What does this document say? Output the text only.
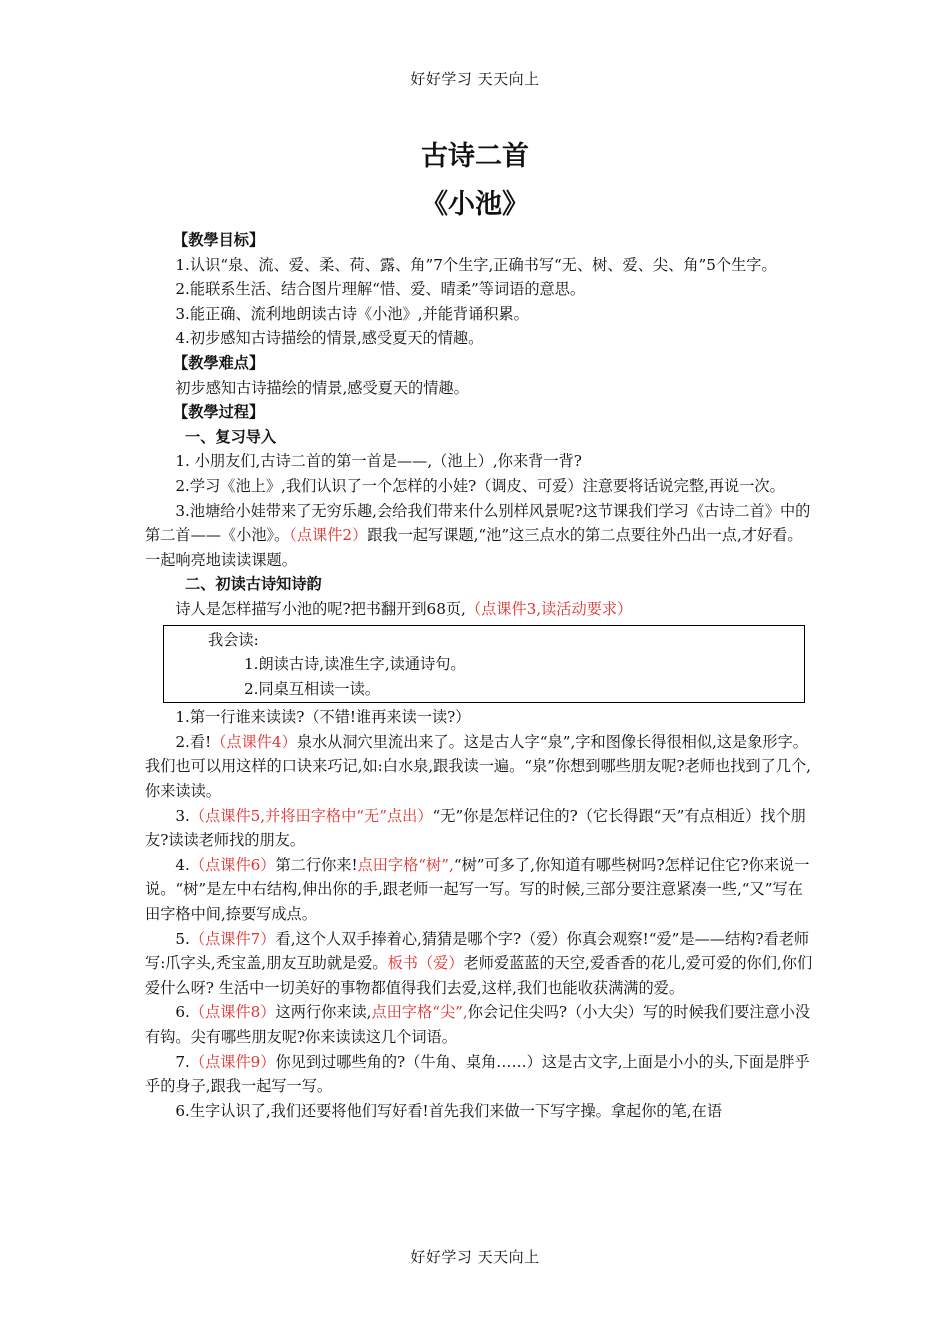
好好学习 天天向上
古诗二首
《小池》

【教學目标】

1.认识“泉、流、爱、柔、荷、露、角”7个生字,正确书写“无、树、爱、尖、角”5个生字。

2.能联系生活、结合图片理解“惜、爱、晴柔”等词语的意思。

3.能正确、流利地朗读古诗《小池》,并能背诵积累。

4.初步感知古诗描绘的情景,感受夏天的情趣。

【教學难点】

初步感知古诗描绘的情景,感受夏天的情趣。

【教學过程】

一、复习导入

1. 小朋友们,古诗二首的第一首是——,（池上）,你来背一背?

2.学习《池上》,我们认识了一个怎样的小娃?（调皮、可爱）注意要将话说完整,再说一次。

3.池塘给小娃带来了无穷乐趣,会给我们带来什么别样风景呢?这节课我们学习《古诗二首》中的第二首——《小池》。（点课件2）跟我一起写课题,“池”这三点水的第二点要往外凸出一点,才好看。一起响亮地读读课题。

二、初读古诗知诗韵

诗人是怎样描写小池的呢?把书翻开到68页,（点课件3,读活动要求）

我会读:

1.朗读古诗,读准生字,读通诗句。

2.同桌互相读一读。

1.第一行谁来读读?（不错!谁再来读一读?）

2.看!（点课件4）泉水从洞穴里流出来了。这是古人字“泉”,字和图像长得很相似,这是象形字。我们也可以用这样的口诀来巧记,如:白水泉,跟我读一遍。“泉”你想到哪些朋友呢?老师也找到了几个,你来读读。

3.（点课件5,并将田字格中“无”点出）“无”你是怎样记住的?（它长得跟“天”有点相近）找个朋友?读读老师找的朋友。

4.（点课件6）第二行你来!点田字格“树”,“树”可多了,你知道有哪些树吗?怎样记住它?你来说一说。“树”是左中右结构,伸出你的手,跟老师一起写一写。写的时候,三部分要注意紧凑一些,“又”写在田字格中间,捺要写成点。

5.（点课件7）看,这个人双手捧着心,猜猜是哪个字?（爱）你真会观察!“爱”是——结构?看老师写:爪字头,秃宝盖,朋友互助就是爱。板书（爱）老师爱蓝蓝的天空,爱香香的花儿,爱可爱的你们,你们爱什么呀? 生活中一切美好的事物都值得我们去爱,这样,我们也能收获满满的爱。

6.（点课件8）这两行你来读,点田字格“尖”,你会记住尖吗?（小大尖）写的时候我们要注意小没有钩。尖有哪些朋友呢?你来读读这几个词语。

7.（点课件9）你见到过哪些角的?（牛角、桌角……）这是古文字,上面是小小的头,下面是胖乎乎的身子,跟我一起写一写。

6.生字认识了,我们还要将他们写好看!首先我们来做一下写字操。拿起你的笔,在语

好好学习 天天向上
